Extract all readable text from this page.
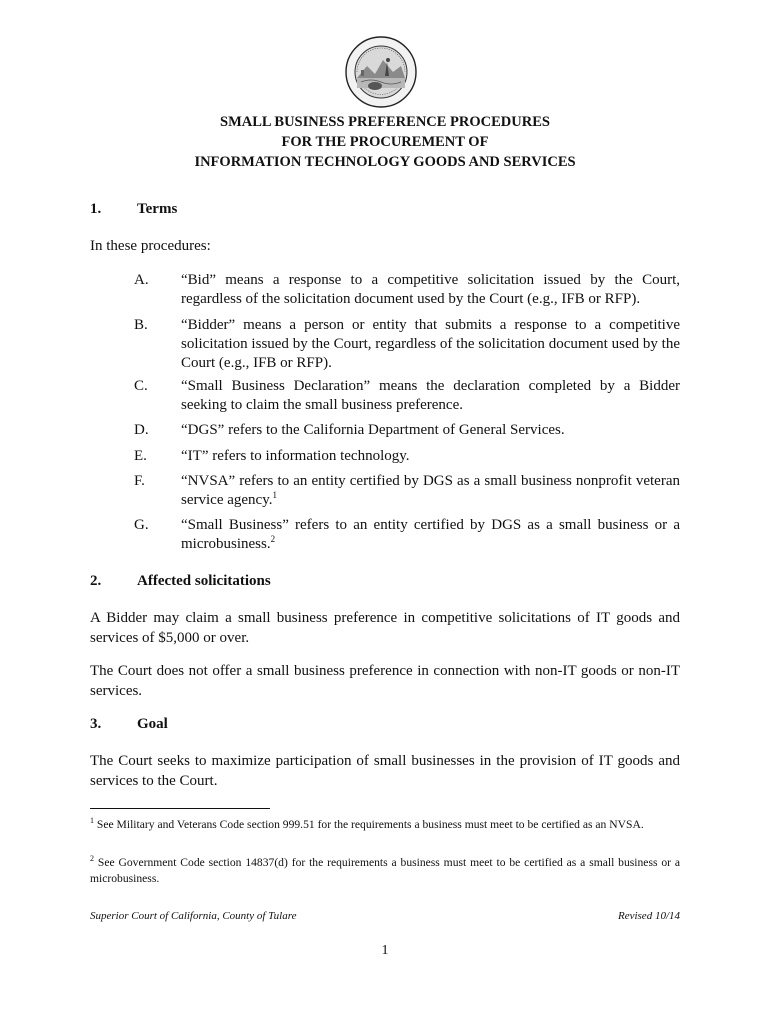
SMALL BUSINESS PREFERENCE PROCEDURES
FOR THE PROCUREMENT OF
INFORMATION TECHNOLOGY GOODS AND SERVICES
1. Terms
In these procedures:
A.	“Bid” means a response to a competitive solicitation issued by the Court, regardless of the solicitation document used by the Court (e.g., IFB or RFP).
B.	“Bidder” means a person or entity that submits a response to a competitive solicitation issued by the Court, regardless of the solicitation document used by the Court (e.g., IFB or RFP).
C.	“Small Business Declaration” means the declaration completed by a Bidder seeking to claim the small business preference.
D.	“DGS” refers to the California Department of General Services.
E.	“IT” refers to information technology.
F.	“NVSA” refers to an entity certified by DGS as a small business nonprofit veteran service agency.$^1$
G.	“Small Business” refers to an entity certified by DGS as a small business or a microbusiness.$^2$
2. Affected solicitations
A Bidder may claim a small business preference in competitive solicitations of IT goods and services of $5,000 or over.
The Court does not offer a small business preference in connection with non-IT goods or non-IT services.
3. Goal
The Court seeks to maximize participation of small businesses in the provision of IT goods and services to the Court.
$^1$ See Military and Veterans Code section 999.51 for the requirements a business must meet to be certified as an NVSA.
$^2$ See Government Code section 14837(d) for the requirements a business must meet to be certified as a small business or a microbusiness.
Superior Court of California, County of Tulare	Revised 10/14
1
